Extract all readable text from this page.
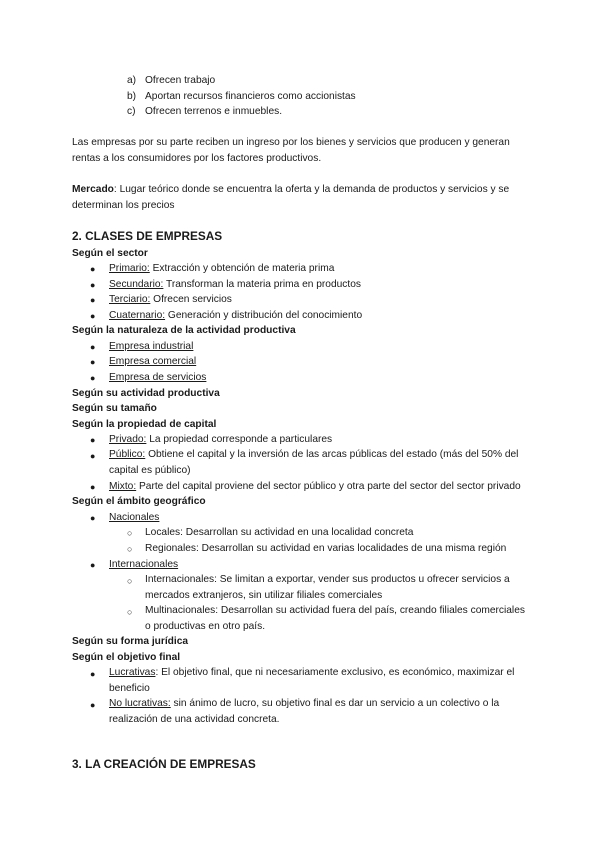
a) Ofrecen trabajo
b) Aportan recursos financieros como accionistas
c) Ofrecen terrenos e inmuebles.
Las empresas por su parte reciben un ingreso por los bienes y servicios que producen y generan rentas a los consumidores por los factores productivos.
Mercado: Lugar teórico donde se encuentra la oferta y la demanda de productos y servicios y se determinan los precios
2. CLASES DE EMPRESAS
Según el sector
● Primario: Extracción y obtención de materia prima
● Secundario: Transforman la materia prima en productos
● Terciario: Ofrecen servicios
● Cuaternario: Generación y distribución del conocimiento
Según la naturaleza de la actividad productiva
● Empresa industrial
● Empresa comercial
● Empresa de servicios
Según su actividad productiva
Según su tamaño
Según la propiedad de capital
● Privado: La propiedad corresponde a particulares
● Público: Obtiene el capital y la inversión de las arcas públicas del estado (más del 50% del capital es público)
● Mixto: Parte del capital proviene del sector público y otra parte del sector del sector privado
Según el ámbito geográfico
● Nacionales
○ Locales: Desarrollan su actividad en una localidad concreta
○ Regionales: Desarrollan su actividad en varias localidades de una misma región
● Internacionales
○ Internacionales: Se limitan a exportar, vender sus productos u ofrecer servicios a mercados extranjeros, sin utilizar filiales comerciales
○ Multinacionales: Desarrollan su actividad fuera del país, creando filiales comerciales o productivas en otro país.
Según su forma jurídica
Según el objetivo final
● Lucrativas: El objetivo final, que ni necesariamente exclusivo, es económico, maximizar el beneficio
● No lucrativas: sin ánimo de lucro, su objetivo final es dar un servicio a un colectivo o la realización de una actividad concreta.
3. LA CREACIÓN DE EMPRESAS
